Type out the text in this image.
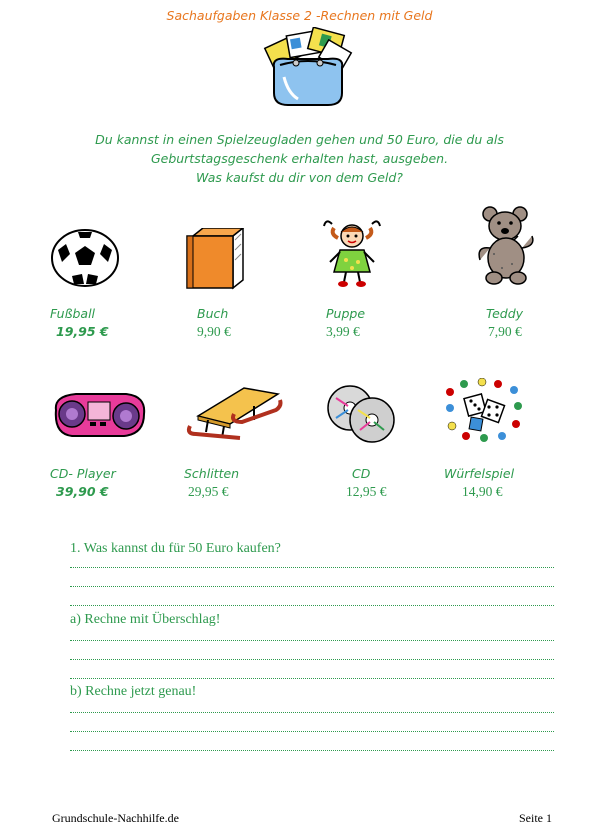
Sachaufgaben Klasse 2 -Rechnen mit Geld
Du kannst in einen Spielzeugladen gehen und 50 Euro, die du als
Geburtstagsgeschenk erhalten hast, ausgeben.
Was kaufst du dir von dem Geld?
Fußball
19,95 €
Buch
9,90 €
Puppe
3,99 €
Teddy
7,90 €
CD- Player
39,90 €
Schlitten
29,95 €
CD
12,95 €
Würfelspiel
14,90 €
1. Was kannst du für 50 Euro kaufen?
a) Rechne mit Überschlag!
b) Rechne jetzt genau!
Grundschule-Nachhilfe.de	Seite 1
